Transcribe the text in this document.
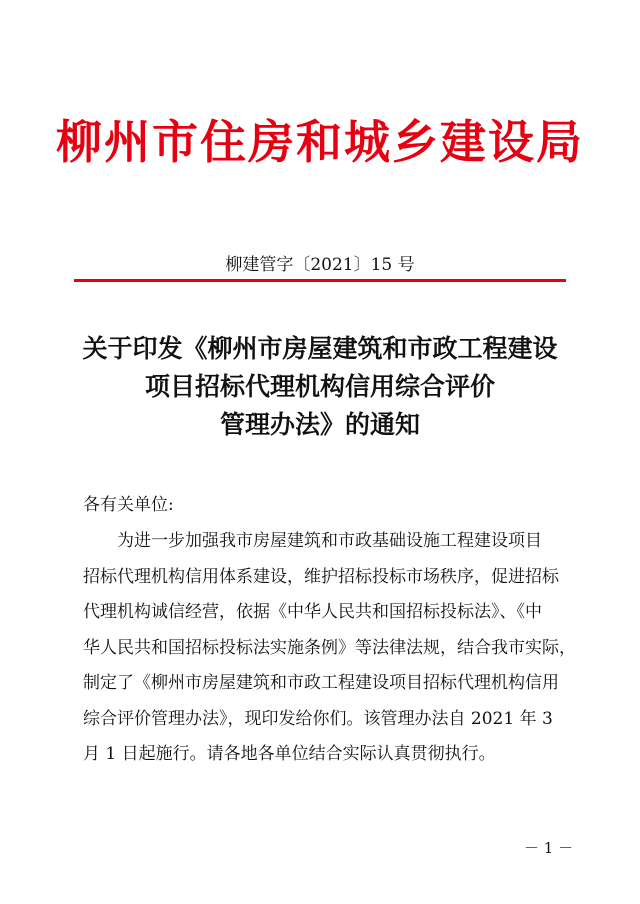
柳州市住房和城乡建设局
柳建管字〔2021〕15 号
关于印发《柳州市房屋建筑和市政工程建设
项目招标代理机构信用综合评价
管理办法》的通知
各有关单位:
为进一步加强我市房屋建筑和市政基础设施工程建设项目
招标代理机构信用体系建设，维护招标投标市场秩序，促进招标
代理机构诚信经营，依据《中华人民共和国招标投标法》、《中
华人民共和国招标投标法实施条例》等法律法规，结合我市实际，
制定了《柳州市房屋建筑和市政工程建设项目招标代理机构信用
综合评价管理办法》，现印发给你们。该管理办法自 2021 年 3
月 1 日起施行。请各地各单位结合实际认真贯彻执行。
－ 1 －
